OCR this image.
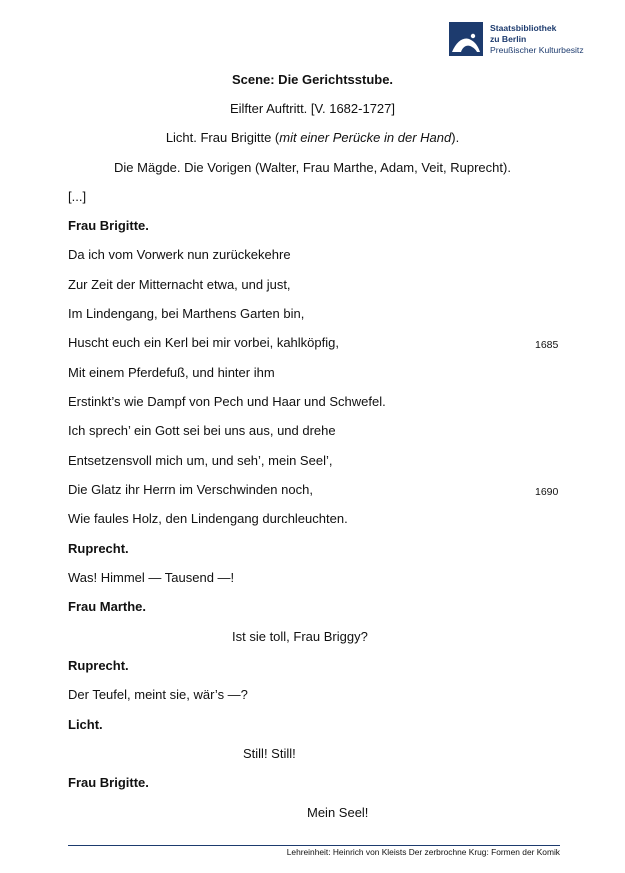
Staatsbibliothek
zu Berlin
Preußischer Kulturbesitz
Scene: Die Gerichtsstube.
Eilfter Auftritt. [V. 1682-1727]
Licht. Frau Brigitte (mit einer Perücke in der Hand).
Die Mägde. Die Vorigen (Walter, Frau Marthe, Adam, Veit, Ruprecht).
[...]
Frau Brigitte.
Da ich vom Vorwerk nun zurückekehre
Zur Zeit der Mitternacht etwa, und just,
Im Lindengang, bei Marthens Garten bin,
Huscht euch ein Kerl bei mir vorbei, kahlköpfig,	1685
Mit einem Pferdefuß, und hinter ihm
Erstinkt’s wie Dampf von Pech und Haar und Schwefel.
Ich sprech’ ein Gott sei bei uns aus, und drehe
Entsetzensvoll mich um, und seh’, mein Seel’,
Die Glatz ihr Herrn im Verschwinden noch,	1690
Wie faules Holz, den Lindengang durchleuchten.
Ruprecht.
Was! Himmel — Tausend —!
Frau Marthe.
Ist sie toll, Frau Briggy?
Ruprecht.
Der Teufel, meint sie, wär’s —?
Licht.
Still! Still!
Frau Brigitte.
Mein Seel!
Lehreinheit: Heinrich von Kleists Der zerbrochne Krug: Formen der Komik
